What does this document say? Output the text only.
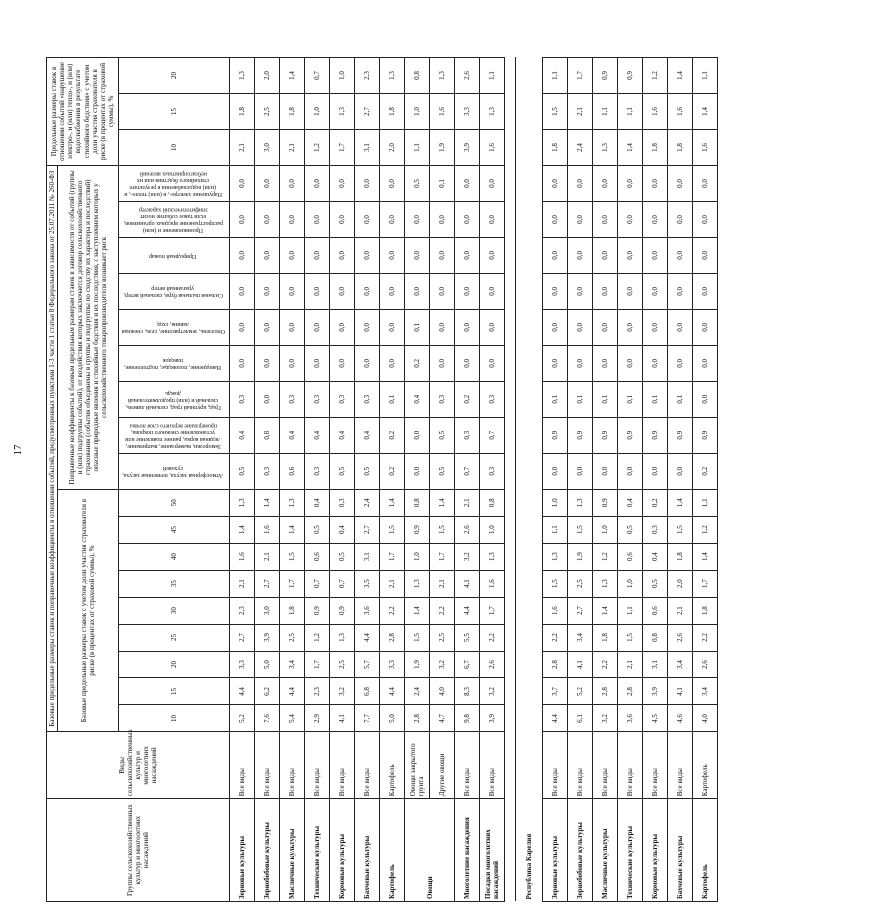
17
Группы сельскохозяйственных культур и многолетних насаждений	Виды сельскохозяйственных культур и многолетних насаждений	Базовые предельные размеры ставок и поправочные коэффициенты в отношении событий, предусмотренных пунктами 1-3 части 1 статьи 8 Федерального закона от 25.07.2011 № 260-ФЗ																		Предельные размеры ставок в отношении событий «нарушение электро-, и (или) тепло-, и (или) водоснабжения в результате стихийного бедствия» с учетом доли участия страхователя в риске (в процентах от страховой суммы), %		
		Базовые предельные размеры ставок с учетом доли участия страхователя в риске (в процентах от страховой суммы), %									Поправочные коэффициенты к базовым предельным размерам ставок в зависимости от событий (группы и (или) подгруппы событий), от воздействия которых заключается договор сельскохозяйственного страхования (события объединены в группы и подгруппы по сходству их характера и последствий)
опасные природные явления и стихийные бедствия и их последствия, с наступлением которых у сельскохозяйственного товаропроизводителя возникает риск											
		10	15	20	25	30	35	40	45	50	Атмосферная засуха, почвенная засуха, суховей	Заморозки, вымерзание, выпревание, ледяная корка, раннее появление или установление снежного покрова, промерзание верхнего слоя почвы	Град, крупный град, сильный ливень, сильный и (или) продолжительный дождь	Наводнение, половодье, подтопление, паводок	Оползень, землетрясение, сель, снежная лавина, сход	Сильная пыльная буря, сильный ветер, ураганный ветер	Природный пожар	Проникновение и (или) распространение вредных организмов, если такое событие носит эпифитотический характер	Нарушение электро-, и (или) тепло-, и (или) водоснабжения в результате стихийного бедствия или их неблагоприятных явлений	10	15	20
Зерновые культуры	Все виды	5,2	4,4	3,3	2,7	2,3	2,1	1,6	1,4	1,3	0,5	0,4	0,3	0,0	0,0	0,0	0,0	0,0	0,0	2,1	1,8	1,3
Зернобобовые культуры	Все виды	7,6	6,2	5,0	3,9	3,0	2,7	2,1	1,6	1,4	0,3	0,8	0,0	0,0	0,0	0,0	0,0	0,0	0,0	3,0	2,5	2,0
Масличные культуры	Все виды	5,4	4,4	3,4	2,5	1,8	1,7	1,5	1,4	1,3	0,6	0,4	0,3	0,0	0,0	0,0	0,0	0,0	0,0	2,1	1,8	1,4
Технические культуры	Все виды	2,9	2,3	1,7	1,2	0,9	0,7	0,6	0,5	0,4	0,3	0,4	0,3	0,0	0,0	0,0	0,0	0,0	0,0	1,2	1,0	0,7
Кормовые культуры	Все виды	4,1	3,2	2,5	1,3	0,9	0,7	0,5	0,4	0,3	0,5	0,4	0,3	0,0	0,0	0,0	0,0	0,0	0,0	1,7	1,3	1,0
Бахчевые культуры	Все виды	7,7	6,8	5,7	4,4	3,6	3,5	3,1	2,7	2,4	0,5	0,4	0,3	0,0	0,0	0,0	0,0	0,0	0,0	3,1	2,7	2,3
Картофель	Картофель	5,0	4,4	3,3	2,8	2,2	2,1	1,7	1,5	1,4	0,2	0,2	0,1	0,0	0,0	0,0	0,0	0,0	0,0	2,0	1,8	1,3
Овощи	Овощи закрытого грунта	2,8	2,4	1,9	1,5	1,4	1,3	1,0	0,9	0,8	0,0	0,0	0,4	0,2	0,1	0,0	0,0	0,0	0,5	1,1	1,0	0,8
	Другие овощи	4,7	4,0	3,2	2,5	2,2	2,1	1,7	1,5	1,4	0,5	0,5	0,3	0,0	0,0	0,0	0,0	0,0	0,1	1,9	1,6	1,3
Многолетние насаждения	Все виды	9,8	8,3	6,7	5,5	4,4	4,1	3,2	2,6	2,1	0,7	0,3	0,2	0,0	0,0	0,0	0,0	0,0	0,0	3,9	3,3	2,6
Посадки многолетних насаждений	Все виды	3,9	3,2	2,6	2,2	1,7	1,6	1,3	1,0	0,8	0,3	0,7	0,3	0,0	0,0	0,0	0,0	0,0	0,0	1,6	1,3	1,1

Республика Карелия																						
Зерновые культуры	Все виды	4,4	3,7	2,8	2,2	1,6	1,5	1,3	1,1	1,0	0,0	0,9	0,1	0,0	0,0	0,0	0,0	0,0	0,0	1,8	1,5	1,1
Зернобобовые культуры	Все виды	6,1	5,2	4,1	3,4	2,7	2,5	1,9	1,5	1,3	0,0	0,9	0,1	0,0	0,0	0,0	0,0	0,0	0,0	2,4	2,1	1,7
Масличные культуры	Все виды	3,2	2,8	2,2	1,8	1,4	1,3	1,2	1,0	0,9	0,0	0,9	0,1	0,0	0,0	0,0	0,0	0,0	0,0	1,3	1,1	0,9
Технические культуры	Все виды	3,6	2,8	2,1	1,5	1,1	1,0	0,6	0,5	0,4	0,0	0,9	0,1	0,0	0,0	0,0	0,0	0,0	0,0	1,4	1,1	0,9
Кормовые культуры	Все виды	4,5	3,9	3,1	0,8	0,6	0,5	0,4	0,3	0,2	0,0	0,9	0,1	0,0	0,0	0,0	0,0	0,0	0,0	1,8	1,6	1,2
Бахчевые культуры	Все виды	4,6	4,1	3,4	2,6	2,1	2,0	1,8	1,5	1,4	0,0	0,9	0,1	0,0	0,0	0,0	0,0	0,0	0,0	1,8	1,6	1,4
Картофель	Картофель	4,0	3,4	2,6	2,2	1,8	1,7	1,4	1,2	1,1	0,2	0,9	0,0	0,0	0,0	0,0	0,0	0,0	0,0	1,6	1,4	1,1
